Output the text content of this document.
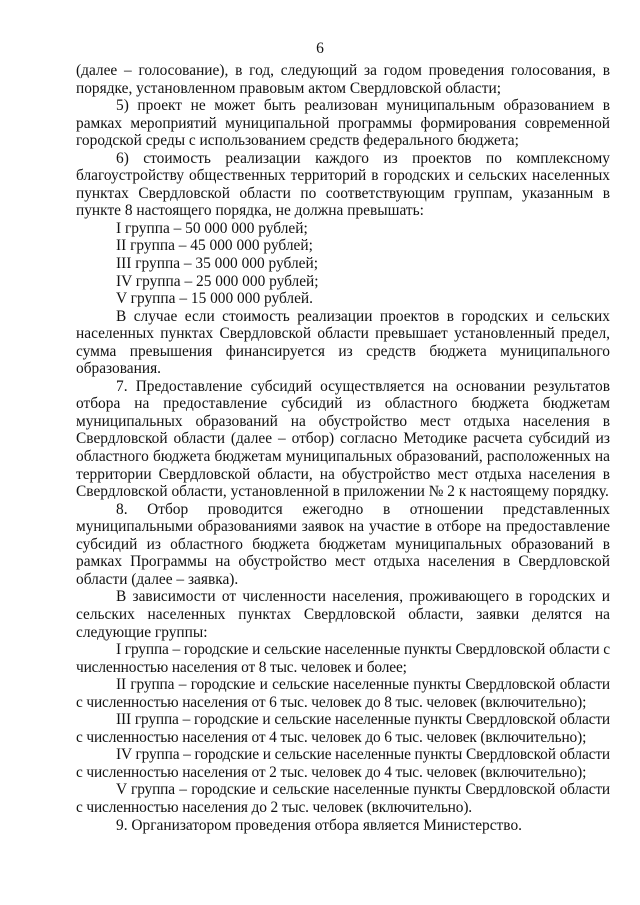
6

(далее – голосование), в год, следующий за годом проведения голосования, в порядке, установленном правовым актом Свердловской области;

5) проект не может быть реализован муниципальным образованием в рамках мероприятий муниципальной программы формирования современной городской среды с использованием средств федерального бюджета;

6) стоимость реализации каждого из проектов по комплексному благоустройству общественных территорий в городских и сельских населенных пунктах Свердловской области по соответствующим группам, указанным в пункте 8 настоящего порядка, не должна превышать:

I группа – 50 000 000 рублей;

II группа – 45 000 000 рублей;

III группа – 35 000 000 рублей;

IV группа – 25 000 000 рублей;

V группа – 15 000 000 рублей.

В случае если стоимость реализации проектов в городских и сельских населенных пунктах Свердловской области превышает установленный предел, сумма превышения финансируется из средств бюджета муниципального образования.

7. Предоставление субсидий осуществляется на основании результатов отбора на предоставление субсидий из областного бюджета бюджетам муниципальных образований на обустройство мест отдыха населения в Свердловской области (далее – отбор) согласно Методике расчета субсидий из областного бюджета бюджетам муниципальных образований, расположенных на территории Свердловской области, на обустройство мест отдыха населения в Свердловской области, установленной в приложении № 2 к настоящему порядку.

8. Отбор проводится ежегодно в отношении представленных муниципальными образованиями заявок на участие в отборе на предоставление субсидий из областного бюджета бюджетам муниципальных образований в рамках Программы на обустройство мест отдыха населения в Свердловской области (далее – заявка).

В зависимости от численности населения, проживающего в городских и сельских населенных пунктах Свердловской области, заявки делятся на следующие группы:

I группа – городские и сельские населенные пункты Свердловской области с численностью населения от 8 тыс. человек и более;

II группа – городские и сельские населенные пункты Свердловской области с численностью населения от 6 тыс. человек до 8 тыс. человек (включительно);

III группа – городские и сельские населенные пункты Свердловской области с численностью населения от 4 тыс. человек до 6 тыс. человек (включительно);

IV группа – городские и сельские населенные пункты Свердловской области с численностью населения от 2 тыс. человек до 4 тыс. человек (включительно);

V группа – городские и сельские населенные пункты Свердловской области с численностью населения до 2 тыс. человек (включительно).

9. Организатором проведения отбора является Министерство.
